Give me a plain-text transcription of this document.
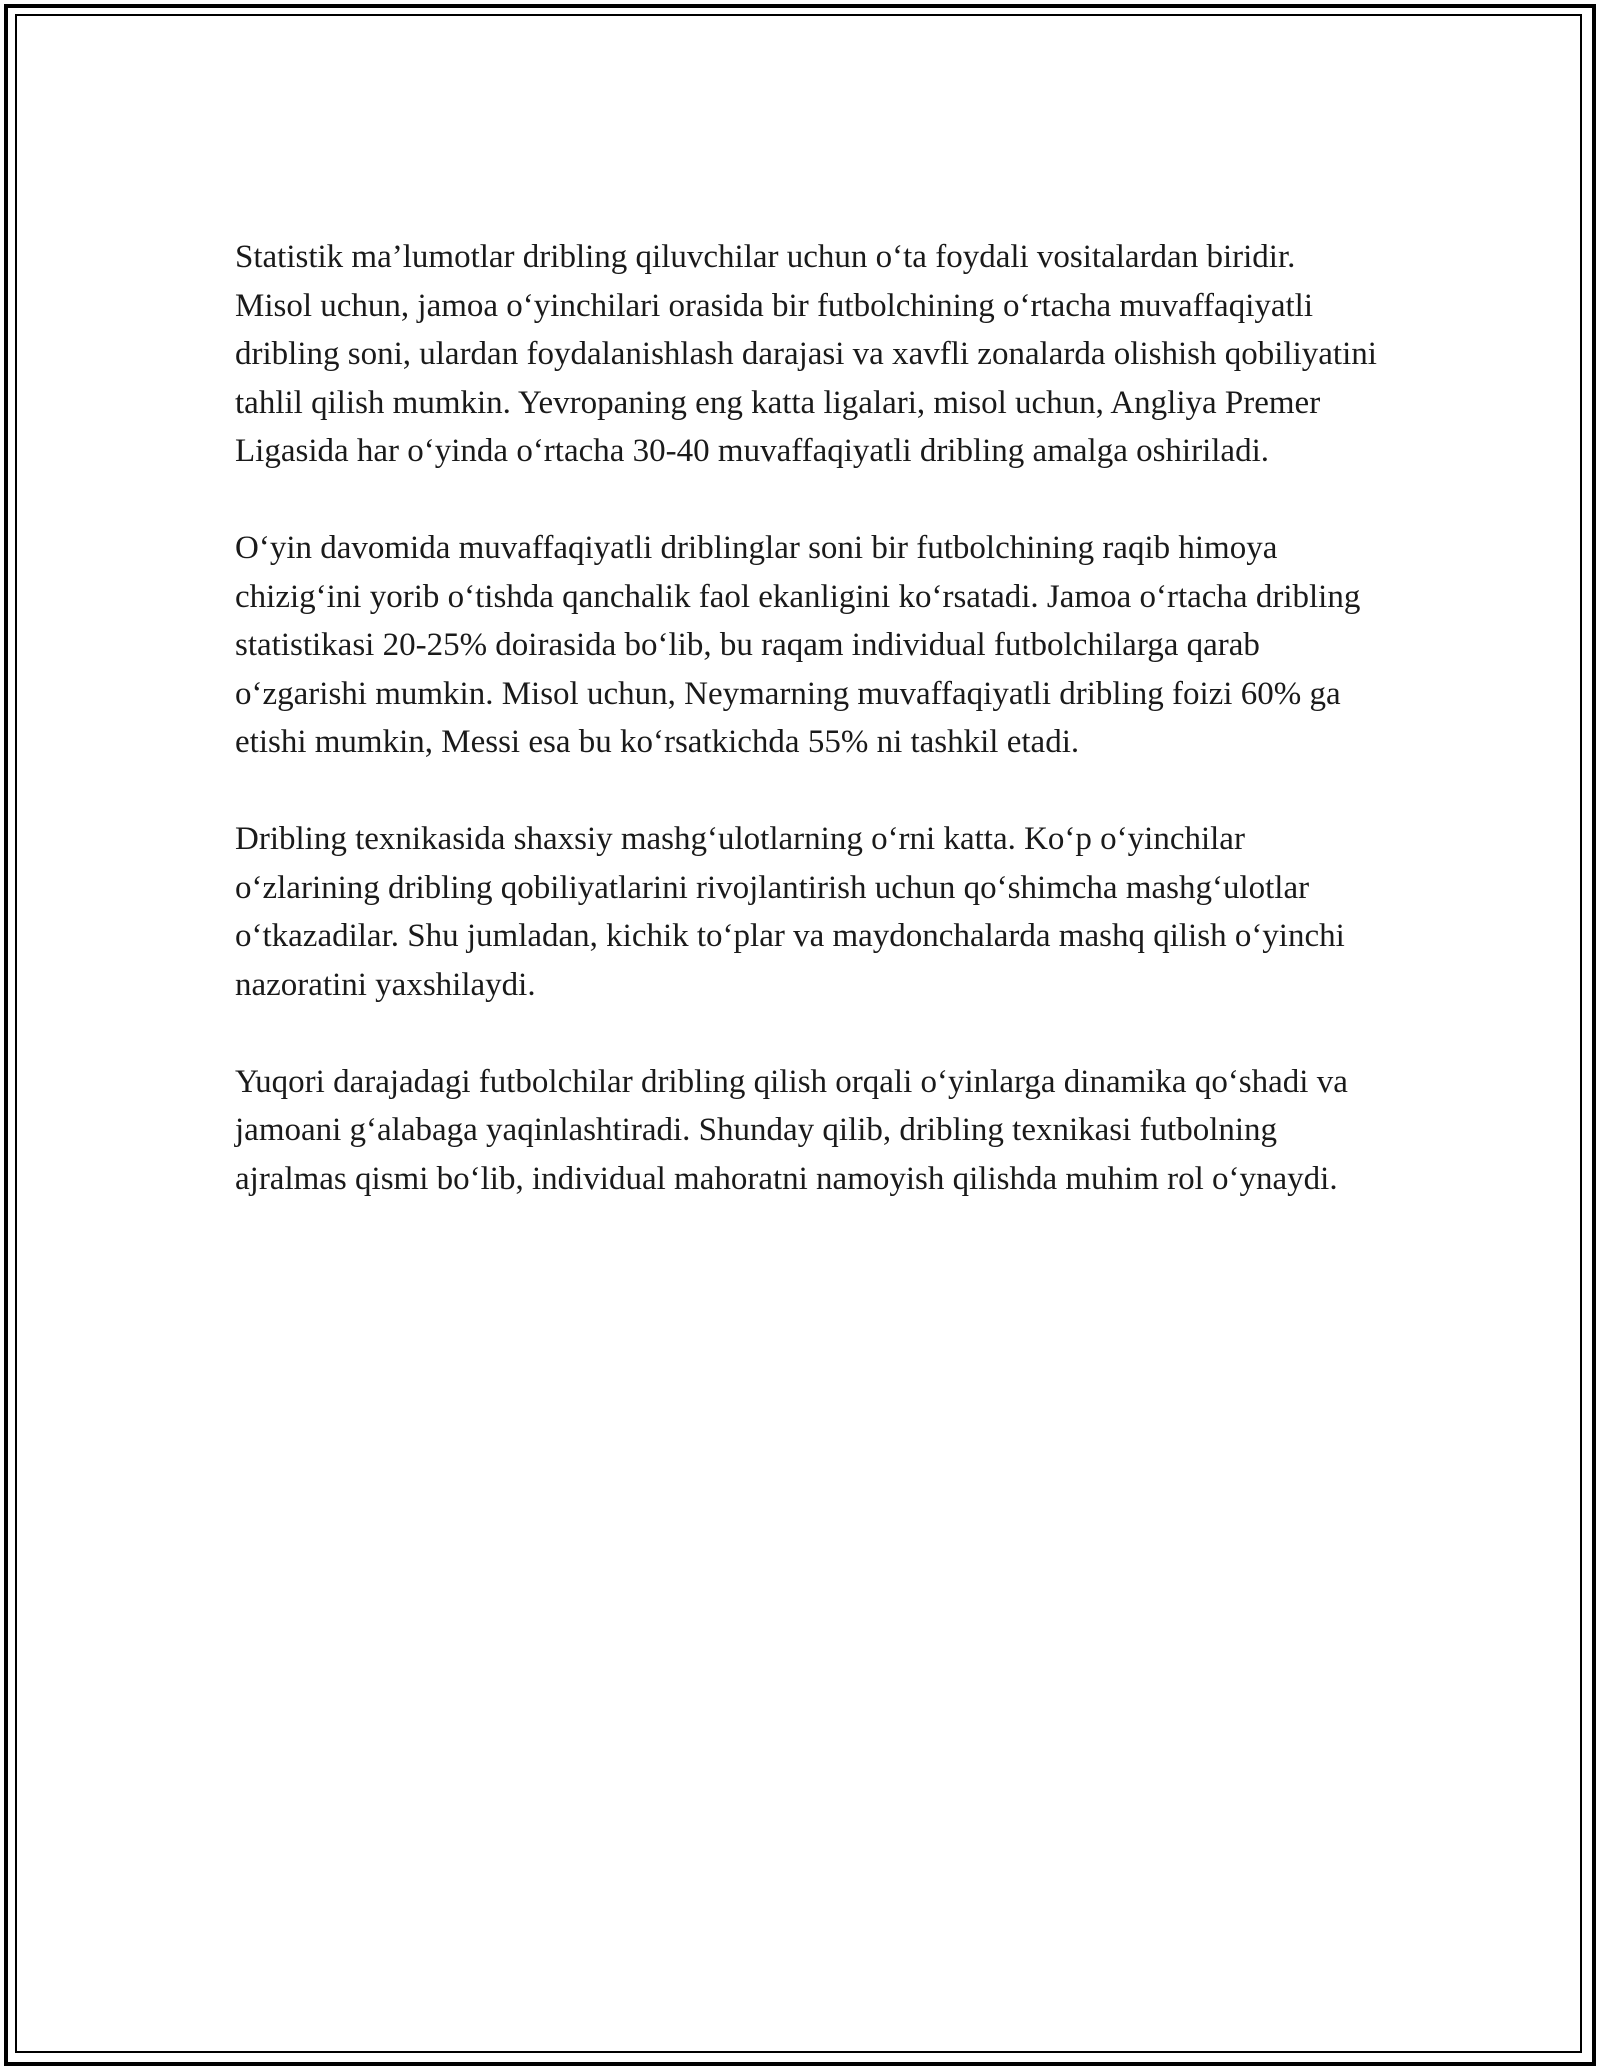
Statistik ma’lumotlar dribling qiluvchilar uchun o‘ta foydali vositalardan biridir. Misol uchun, jamoa o‘yinchilari orasida bir futbolchining o‘rtacha muvaffaqiyatli dribling soni, ulardan foydalanishlash darajasi va xavfli zonalarda olishish qobiliyatini tahlil qilish mumkin. Yevropaning eng katta ligalari, misol uchun, Angliya Premer Ligasida har o‘yinda o‘rtacha 30-40 muvaffaqiyatli dribling amalga oshiriladi.

O‘yin davomida muvaffaqiyatli driblinglar soni bir futbolchining raqib himoya chizig‘ini yorib o‘tishda qanchalik faol ekanligini ko‘rsatadi. Jamoa o‘rtacha dribling statistikasi 20-25% doirasida bo‘lib, bu raqam individual futbolchilarga qarab o‘zgarishi mumkin. Misol uchun, Neymarning muvaffaqiyatli dribling foizi 60% ga etishi mumkin, Messi esa bu ko‘rsatkichda 55% ni tashkil etadi.

Dribling texnikasida shaxsiy mashg‘ulotlarning o‘rni katta. Ko‘p o‘yinchilar o‘zlarining dribling qobiliyatlarini rivojlantirish uchun qo‘shimcha mashg‘ulotlar o‘tkazadilar. Shu jumladan, kichik to‘plar va maydonchalarda mashq qilish o‘yinchi nazoratini yaxshilaydi.

Yuqori darajadagi futbolchilar dribling qilish orqali o‘yinlarga dinamika qo‘shadi va jamoani g‘alabaga yaqinlashtiradi. Shunday qilib, dribling texnikasi futbolning ajralmas qismi bo‘lib, individual mahoratni namoyish qilishda muhim rol o‘ynaydi.
